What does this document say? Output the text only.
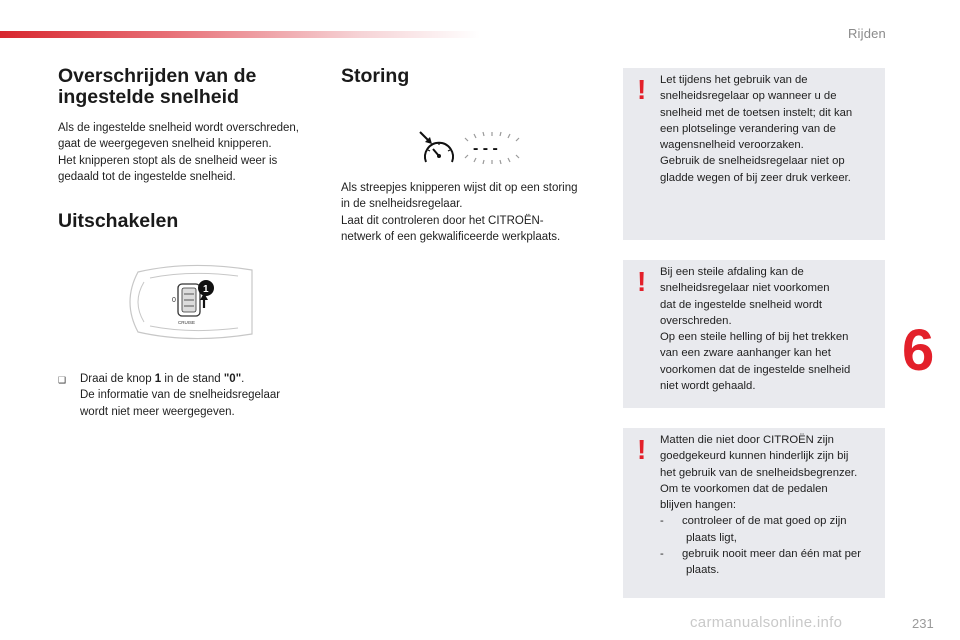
Rijden
6
231
carmanualsonline.info
Overschrijden van de
ingestelde snelheid

Als de ingestelde snelheid wordt overschreden,

gaat de weergegeven snelheid knipperen.

Het knipperen stopt als de snelheid weer is

gedaald tot de ingestelde snelheid.

Uitschakelen
0
CRUISE
1
❑	Draai de knop 1 in de stand "0".

De informatie van de snelheidsregelaar

wordt niet meer weergegeven.

Storing
- - -

Als streepjes knipperen wijst dit op een storing

in de snelheidsregelaar.

Laat dit controleren door het CITROËN-

netwerk of een gekwalificeerde werkplaats.

! Let tijdens het gebruik van de

snelheidsregelaar op wanneer u de

snelheid met de toetsen instelt; dit kan

een plotselinge verandering van de

wagensnelheid veroorzaken.

Gebruik de snelheidsregelaar niet op

gladde wegen of bij zeer druk verkeer.

! Bij een steile afdaling kan de

snelheidsregelaar niet voorkomen

dat de ingestelde snelheid wordt

overschreden.

Op een steile helling of bij het trekken

van een zware aanhanger kan het

voorkomen dat de ingestelde snelheid

niet wordt gehaald.

! Matten die niet door CITROËN zijn

goedgekeurd kunnen hinderlijk zijn bij

het gebruik van de snelheidsbegrenzer.

Om te voorkomen dat de pedalen

blijven hangen:

-	controleer of de mat goed op zijn

plaats ligt,

-	gebruik nooit meer dan één mat per

plaats.
